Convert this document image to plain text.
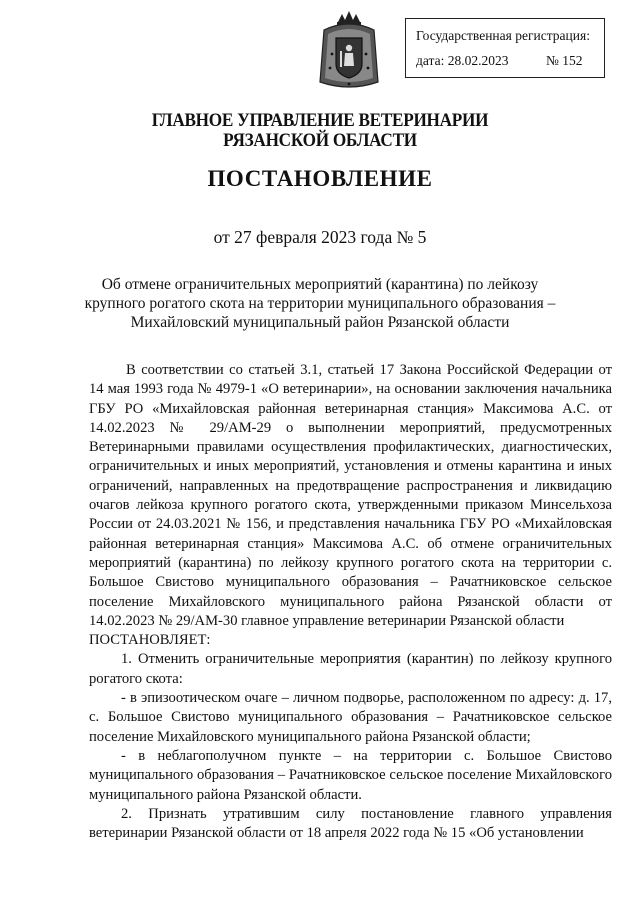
Государственная регистрация:
дата: 28.02.2023	№ 152
ГЛАВНОЕ УПРАВЛЕНИЕ ВЕТЕРИНАРИИ
РЯЗАНСКОЙ ОБЛАСТИ
ПОСТАНОВЛЕНИЕ
от 27 февраля 2023 года № 5
Об отмене ограничительных мероприятий (карантина) по лейкозу крупного рогатого скота на территории муниципального образования – Михайловский муниципальный район Рязанской области

В соответствии со статьей 3.1, статьей 17 Закона Российской Федерации от 14 мая 1993 года № 4979-1 «О ветеринарии», на основании заключения начальника ГБУ РО «Михайловская районная ветеринарная станция» Максимова А.С. от 14.02.2023 № 29/АМ-29 о выполнении мероприятий, предусмотренных Ветеринарными правилами осуществления профилактических, диагностических, ограничительных и иных мероприятий, установления и отмены карантина и иных ограничений, направленных на предотвращение распространения и ликвидацию очагов лейкоза крупного рогатого скота, утвержденными приказом Минсельхоза России от 24.03.2021 № 156, и представления начальника ГБУ РО «Михайловская районная ветеринарная станция» Максимова А.С. об отмене ограничительных мероприятий (карантина) по лейкозу крупного рогатого скота на территории с. Большое Свистово муниципального образования – Рачатниковское сельское поселение Михайловского муниципального района Рязанской области от 14.02.2023 № 29/АМ-30 главное управление ветеринарии Рязанской области

ПОСТАНОВЛЯЕТ:

1. Отменить ограничительные мероприятия (карантин) по лейкозу крупного рогатого скота:

- в эпизоотическом очаге – личном подворье, расположенном по адресу: д. 17, с. Большое Свистово муниципального образования – Рачатниковское сельское поселение Михайловского муниципального района Рязанской области;

- в неблагополучном пункте – на территории с. Большое Свистово муниципального образования – Рачатниковское сельское поселение Михайловского муниципального района Рязанской области.

2. Признать утратившим силу постановление главного управления ветеринарии Рязанской области от 18 апреля 2022 года № 15 «Об установлении
